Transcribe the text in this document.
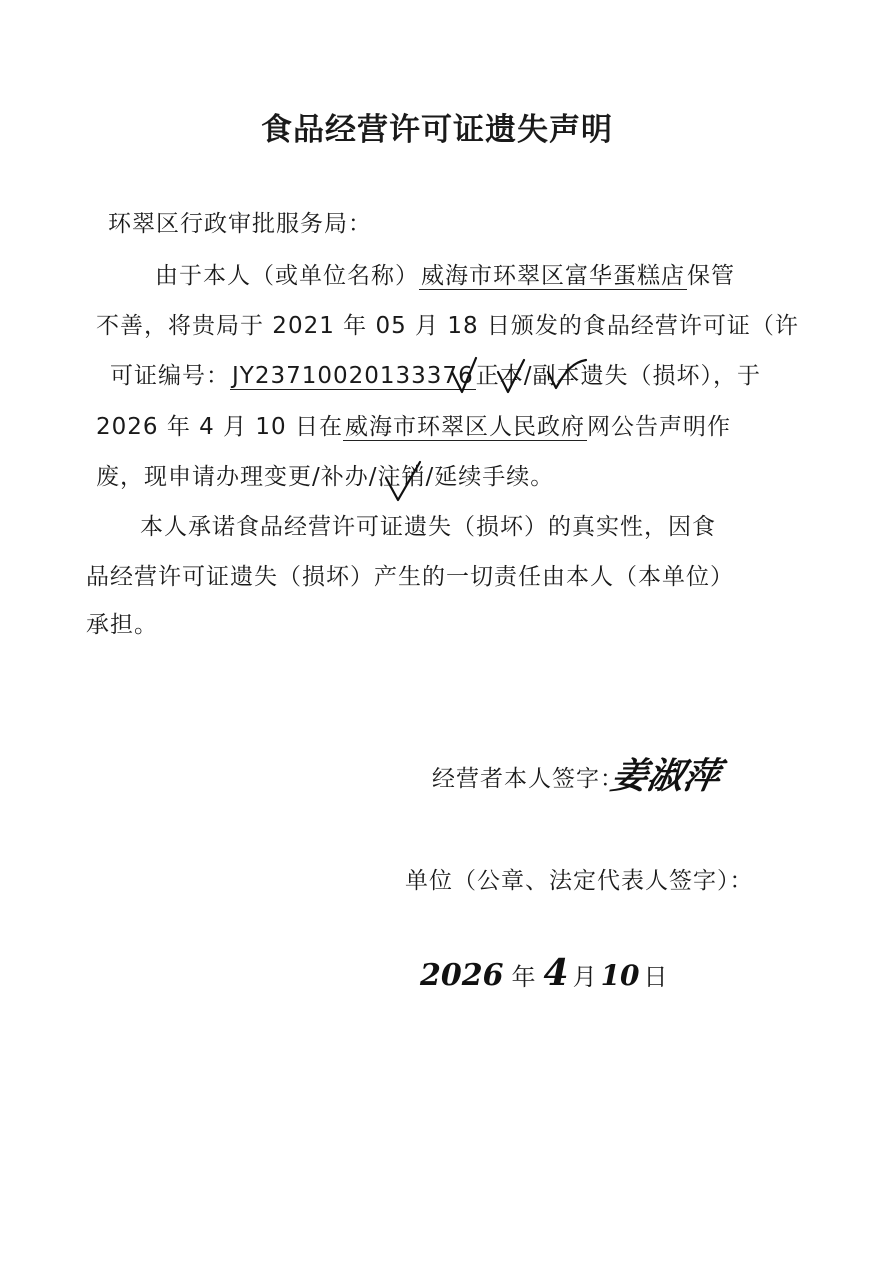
食品经营许可证遗失声明
环翠区行政审批服务局：
由于本人（或单位名称）威海市环翠区富华蛋糕店保管
不善，将贵局于 2021 年 05 月 18 日颁发的食品经营许可证（许
可证编号：JY23710020133376正本/副本遗失（损坏），于
2026 年 4 月 10 日在威海市环翠区人民政府网公告声明作
废，现申请办理变更/补办/注销/延续手续。
本人承诺食品经营许可证遗失（损坏）的真实性，因食
品经营许可证遗失（损坏）产生的一切责任由本人（本单位）
承担。
经营者本人签字：
姜淑萍
单位（公章、法定代表人签字）：
2026 年 4 月 10 日
